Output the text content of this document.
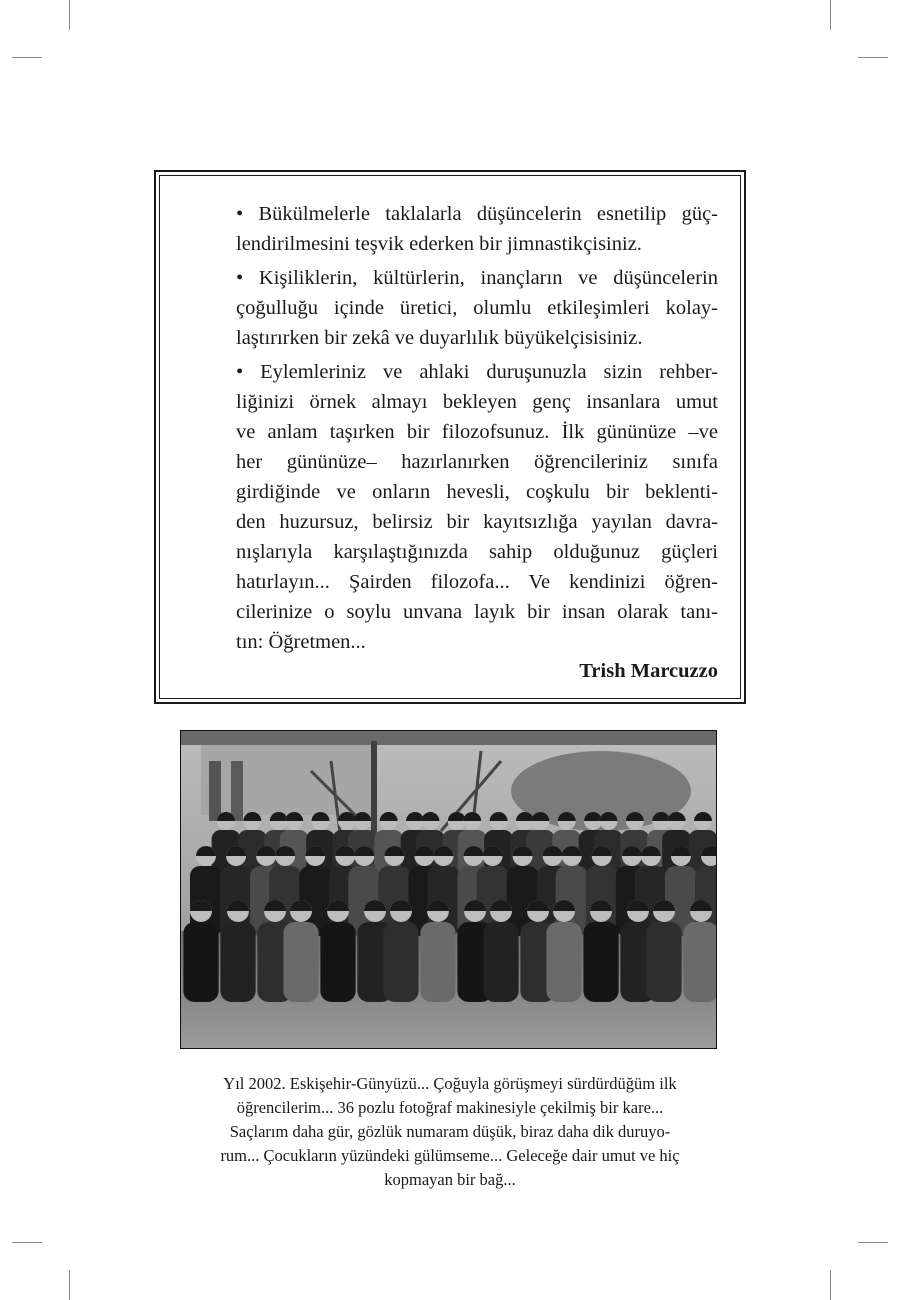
• Bükülmelerle taklalarla düşüncelerin esnetilip güç-
lendirilmesini teşvik ederken bir jimnastikçisiniz.
• Kişiliklerin, kültürlerin, inançların ve düşüncelerin
çoğulluğu içinde üretici, olumlu etkileşimleri kolay-
laştırırken bir zekâ ve duyarlılık büyükelçisisiniz.
• Eylemleriniz ve ahlaki duruşunuzla sizin rehber-
liğinizi örnek almayı bekleyen genç insanlara umut
ve anlam taşırken bir filozofsunuz. İlk gününüze –ve
her gününüze– hazırlanırken öğrencileriniz sınıfa
girdiğinde ve onların hevesli, coşkulu bir beklenti-
den huzursuz, belirsiz bir kayıtsızlığa yayılan davra-
nışlarıyla karşılaştığınızda sahip olduğunuz güçleri
hatırlayın... Şairden filozofa... Ve kendinizi öğren-
cilerinize o soylu unvana layık bir insan olarak tanı-
tın: Öğretmen...
Trish Marcuzzo
Yıl 2002. Eskişehir-Günyüzü... Çoğuyla görüşmeyi sürdürdüğüm ilk
öğrencilerim... 36 pozlu fotoğraf makinesiyle çekilmiş bir kare...
Saçlarım daha gür, gözlük numaram düşük, biraz daha dik duruyo-
rum... Çocukların yüzündeki gülümseme... Geleceğe dair umut ve hiç
kopmayan bir bağ...
